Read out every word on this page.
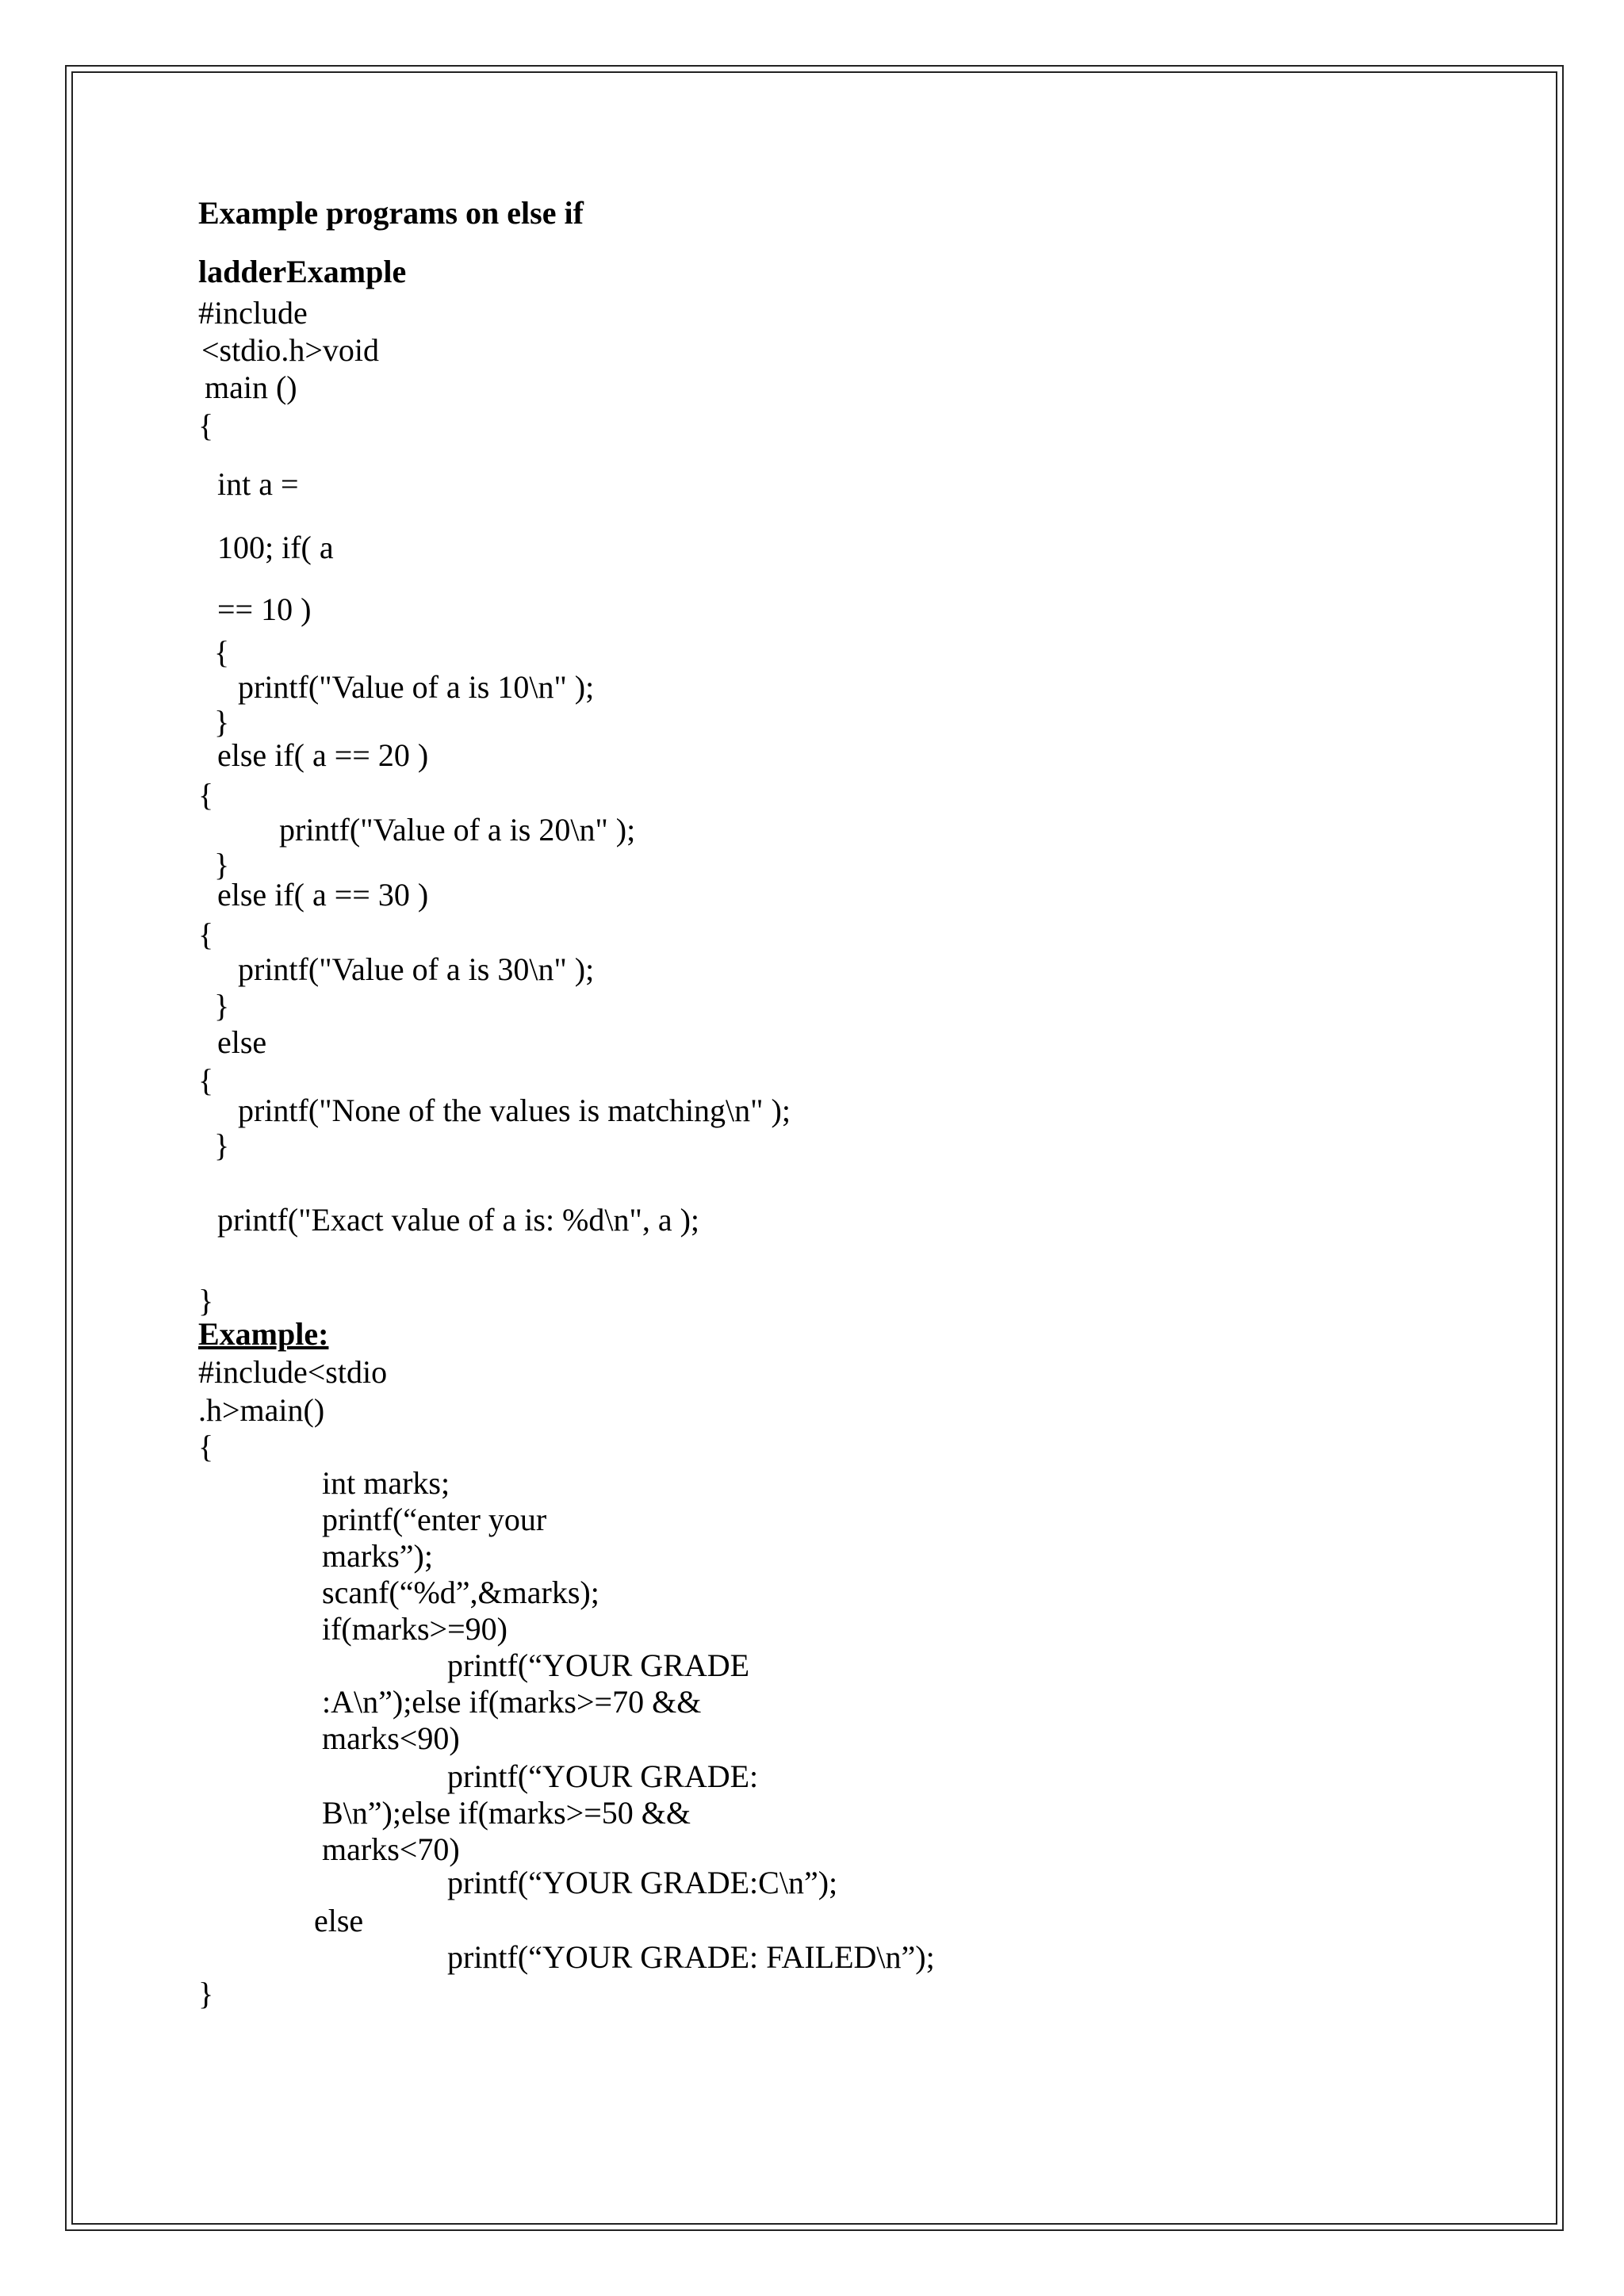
Example programs on else if
ladderExample
#include
<stdio.h>void
main ()
{
int a =
100; if( a
== 10 )
{
printf("Value of a is 10\n" );
}
else if( a == 20 )
{
printf("Value of a is 20\n" );
}
else if( a == 30 )
{
printf("Value of a is 30\n" );
}
else
{
printf("None of the values is matching\n" );
}
printf("Exact value of a is: %d\n", a );
}
Example:
#include<stdio
.h>main()
{
int marks;
printf(“enter your
marks”);
scanf(“%d”,&marks);
if(marks>=90)
printf(“YOUR GRADE
:A\n”);else if(marks>=70 &&
marks<90)
printf(“YOUR GRADE:
B\n”);else if(marks>=50 &&
marks<70)
printf(“YOUR GRADE:C\n”);
else
printf(“YOUR GRADE: FAILED\n”);
}
